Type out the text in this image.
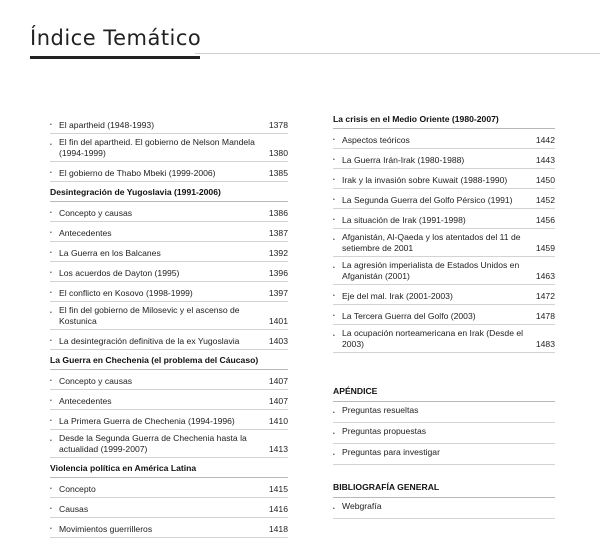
Índice Temático
• El apartheid (1948-1993)	1378
• El fin del apartheid. El gobierno de Nelson Mandela (1994-1999)	1380
• El gobierno de Thabo Mbeki (1999-2006)	1385
Desintegración de Yugoslavia (1991-2006)
• Concepto y causas	1386
• Antecedentes	1387
• La Guerra en los Balcanes	1392
• Los acuerdos de Dayton (1995)	1396
• El conflicto en Kosovo (1998-1999)	1397
• El fin del gobierno de Milosevic y el ascenso de Kostunica	1401
• La desintegración definitiva de la ex Yugoslavia	1403
La Guerra en Chechenia (el problema del Cáucaso)
• Concepto y causas	1407
• Antecedentes	1407
• La Primera Guerra de Chechenia (1994-1996)	1410
• Desde la Segunda Guerra de Chechenia hasta la actualidad (1999-2007)	1413
Violencia política en América Latina
• Concepto	1415
• Causas	1416
• Movimientos guerrilleros	1418
La crisis en el Medio Oriente (1980-2007)
• Aspectos teóricos	1442
• La Guerra Irán-Irak (1980-1988)	1443
• Irak y la invasión sobre Kuwait (1988-1990)	1450
• La Segunda Guerra del Golfo Pérsico (1991)	1452
• La situación de Irak (1991-1998)	1456
• Afganistán, Al-Qaeda y los atentados del 11 de setiembre de 2001	1459
• La agresión imperialista de Estados Unidos en Afganistán (2001)	1463
• Eje del mal. Irak (2001-2003)	1472
• La Tercera Guerra del Golfo (2003)	1478
• La ocupación norteamericana en Irak (Desde el 2003)	1483
APÉNDICE
• Preguntas resueltas
• Preguntas propuestas
• Preguntas para investigar
BIBLIOGRAFÍA GENERAL
• Webgrafía
